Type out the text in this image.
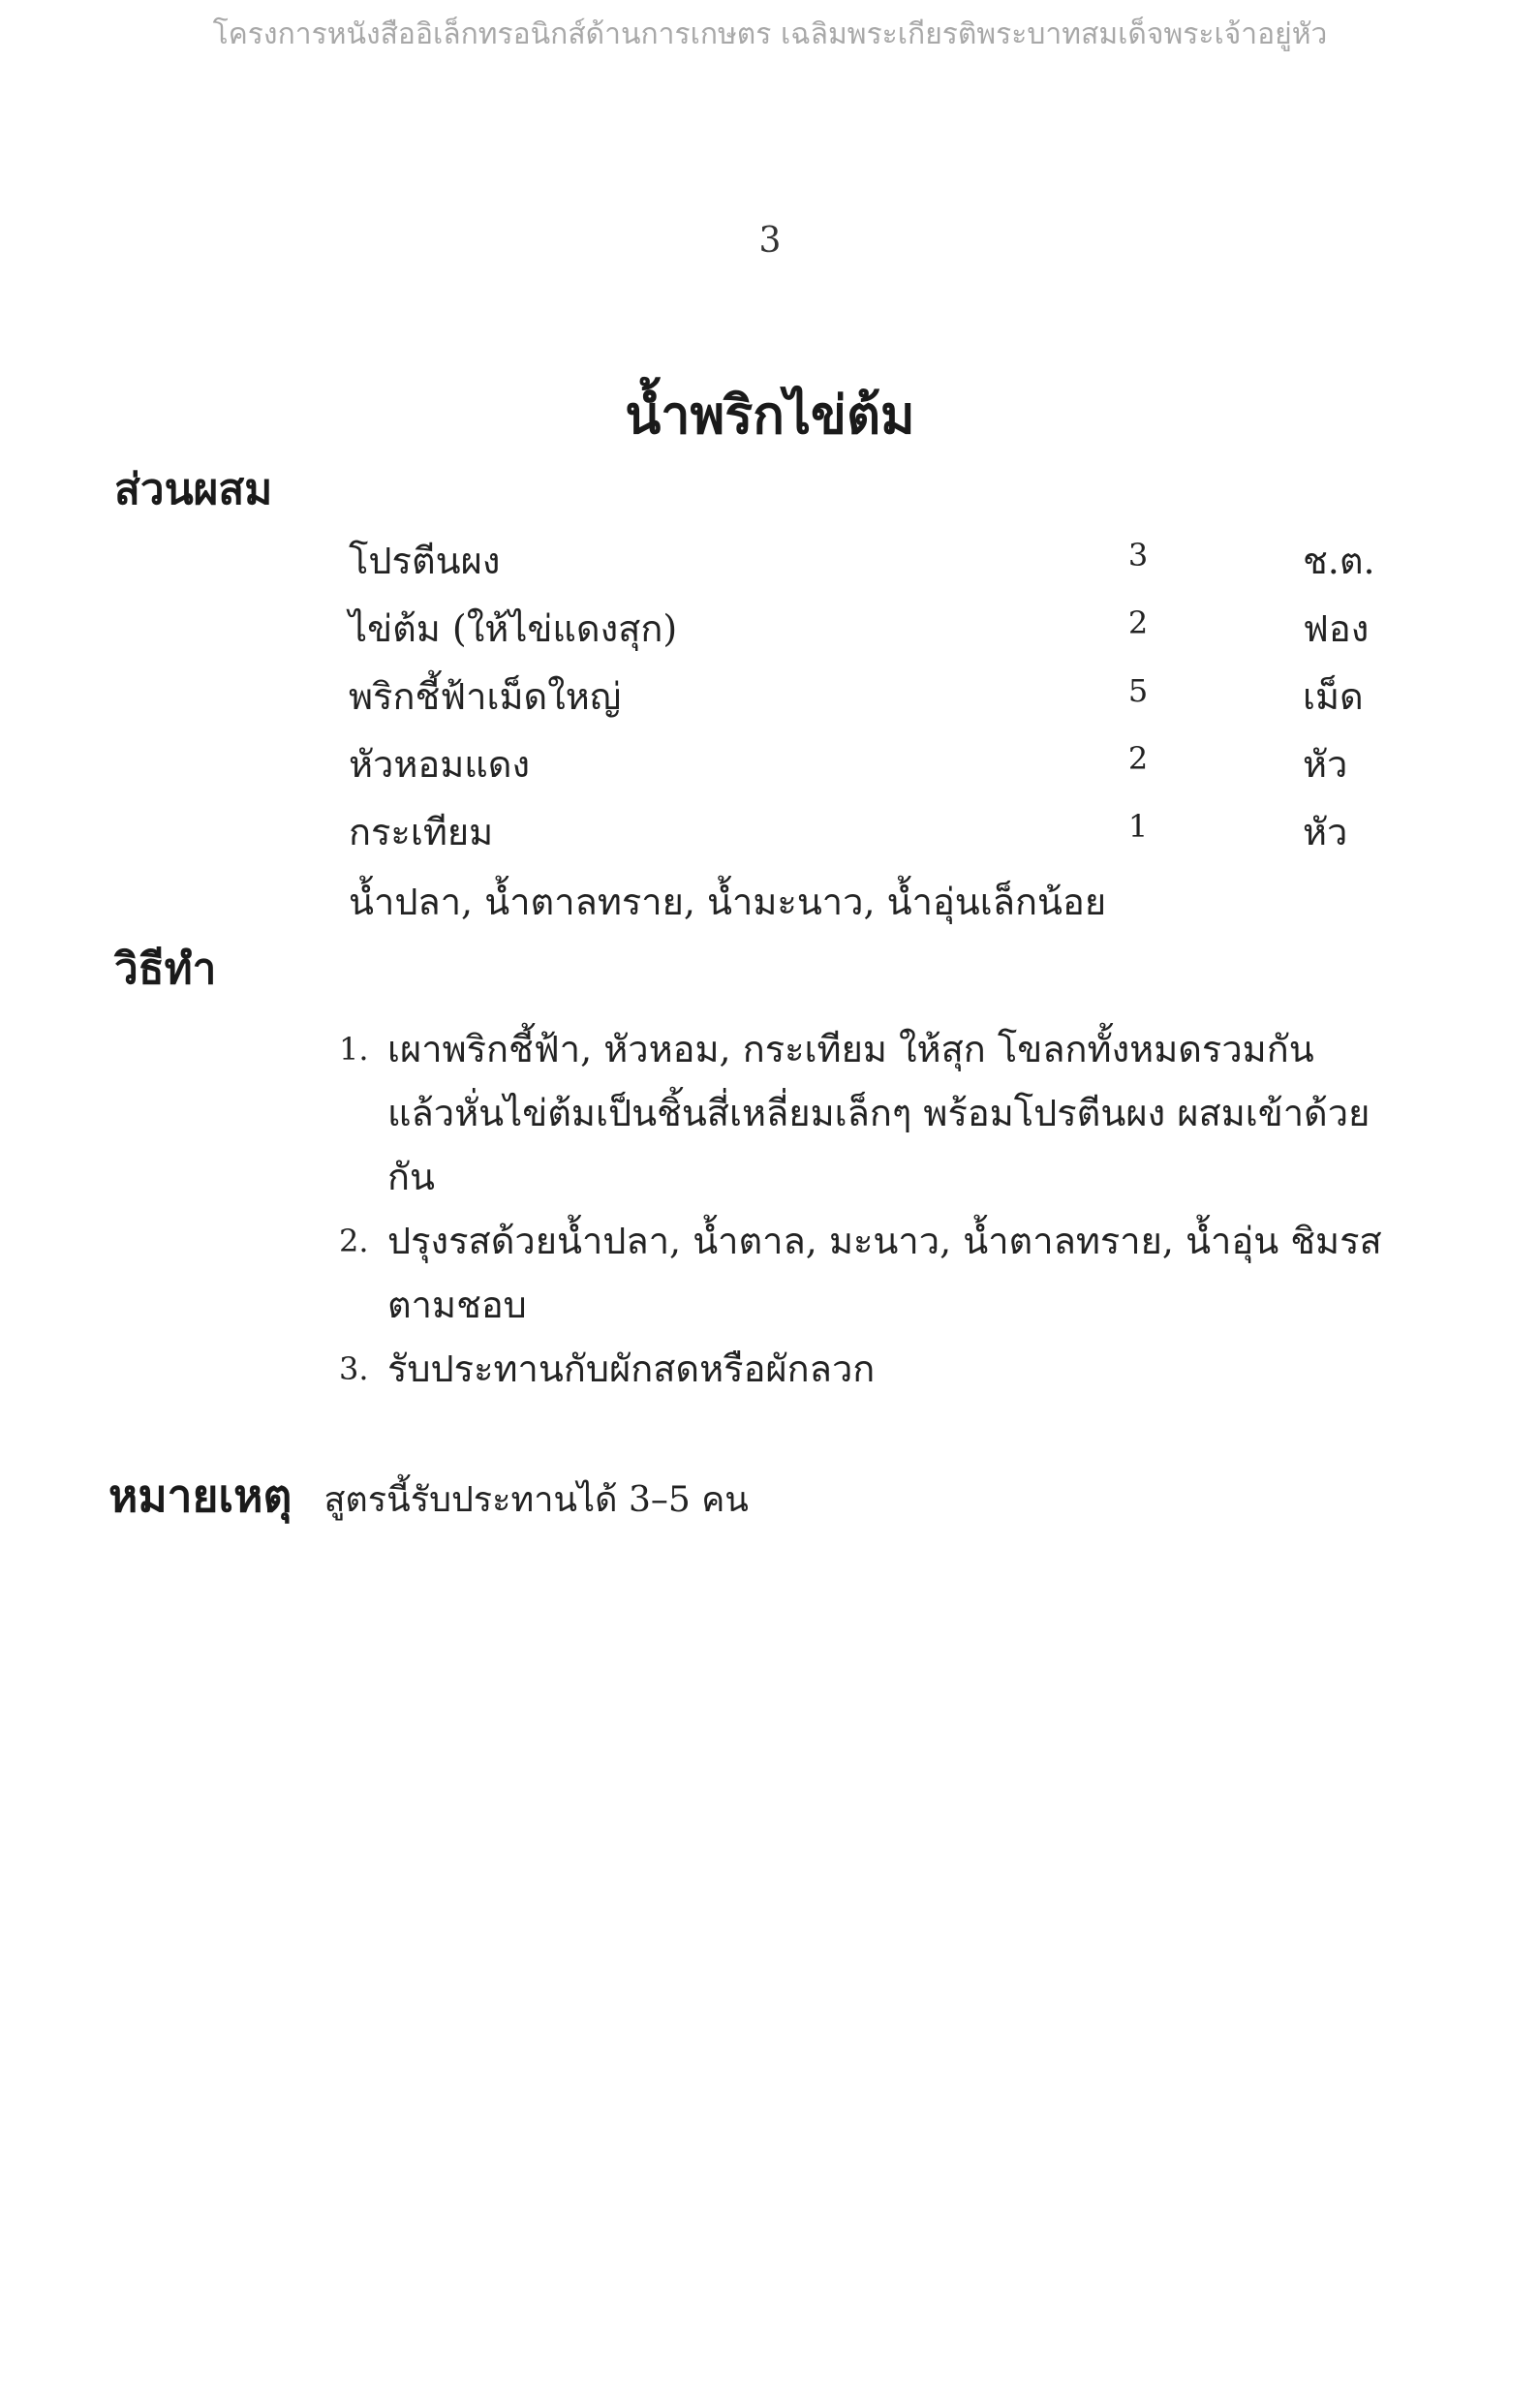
โครงการหนังสืออิเล็กทรอนิกส์ด้านการเกษตร เฉลิมพระเกียรติพระบาทสมเด็จพระเจ้าอยู่หัว
3
น้ำพริกไข่ต้ม
ส่วนผสม
โปรตีนผง	3	ช.ต.
ไข่ต้ม (ให้ไข่แดงสุก)	2	ฟอง
พริกชี้ฟ้าเม็ดใหญ่	5	เม็ด
หัวหอมแดง	2	หัว
กระเทียม	1	หัว
น้ำปลา, น้ำตาลทราย, น้ำมะนาว, น้ำอุ่นเล็กน้อย
วิธีทำ
1. เผาพริกชี้ฟ้า, หัวหอม, กระเทียม ให้สุก โขลกทั้งหมดรวมกัน แล้วหั่นไข่ต้มเป็นชิ้นสี่เหลี่ยมเล็กๆ พร้อมโปรตีนผง ผสมเข้าด้วยกัน
2. ปรุงรสด้วยน้ำปลา, น้ำตาล, มะนาว, น้ำตาลทราย, น้ำอุ่น ชิมรสตามชอบ
3. รับประทานกับผักสดหรือผักลวก
หมายเหตุ สูตรนี้รับประทานได้ 3–5 คน
